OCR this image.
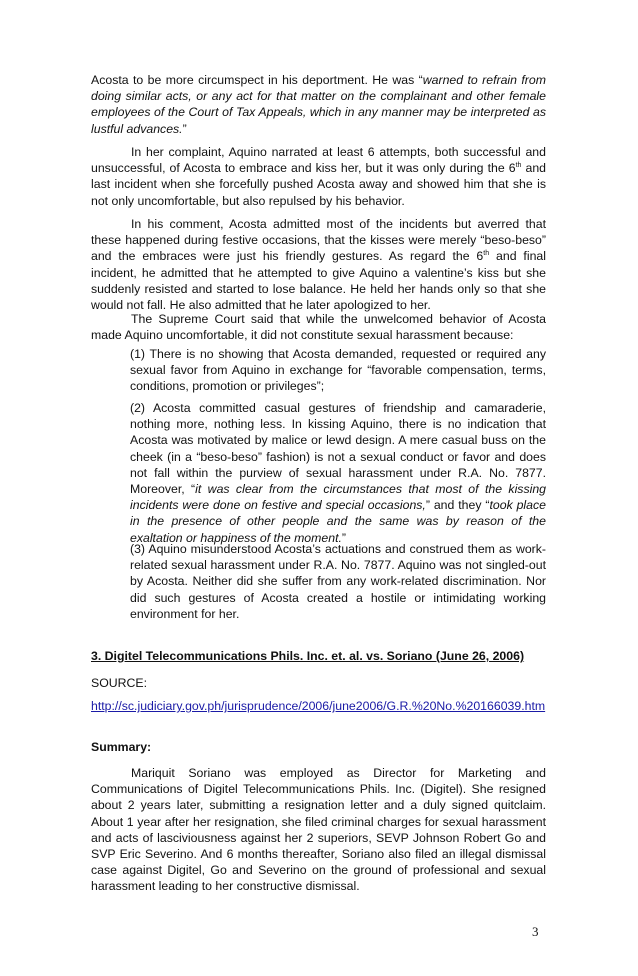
Acosta to be more circumspect in his deportment. He was “warned to refrain from doing similar acts, or any act for that matter on the complainant and other female employees of the Court of Tax Appeals, which in any manner may be interpreted as lustful advances.”

In her complaint, Aquino narrated at least 6 attempts, both successful and unsuccessful, of Acosta to embrace and kiss her, but it was only during the 6th and last incident when she forcefully pushed Acosta away and showed him that she is not only uncomfortable, but also repulsed by his behavior.

In his comment, Acosta admitted most of the incidents but averred that these happened during festive occasions, that the kisses were merely “beso-beso” and the embraces were just his friendly gestures. As regard the 6th and final incident, he admitted that he attempted to give Aquino a valentine’s kiss but she suddenly resisted and started to lose balance. He held her hands only so that she would not fall. He also admitted that he later apologized to her.

The Supreme Court said that while the unwelcomed behavior of Acosta made Aquino uncomfortable, it did not constitute sexual harassment because:

(1) There is no showing that Acosta demanded, requested or required any sexual favor from Aquino in exchange for “favorable compensation, terms, conditions, promotion or privileges”;

(2) Acosta committed casual gestures of friendship and camaraderie, nothing more, nothing less. In kissing Aquino, there is no indication that Acosta was motivated by malice or lewd design. A mere casual buss on the cheek (in a “beso-beso” fashion) is not a sexual conduct or favor and does not fall within the purview of sexual harassment under R.A. No. 7877. Moreover, “it was clear from the circumstances that most of the kissing incidents were done on festive and special occasions,” and they “took place in the presence of other people and the same was by reason of the exaltation or happiness of the moment.”

(3) Aquino misunderstood Acosta’s actuations and construed them as work-related sexual harassment under R.A. No. 7877. Aquino was not singled-out by Acosta. Neither did she suffer from any work-related discrimination. Nor did such gestures of Acosta created a hostile or intimidating working environment for her.

3. Digitel Telecommunications Phils. Inc. et. al. vs. Soriano (June 26, 2006)

SOURCE:

http://sc.judiciary.gov.ph/jurisprudence/2006/june2006/G.R.%20No.%20166039.htm

Summary:

Mariquit Soriano was employed as Director for Marketing and Communications of Digitel Telecommunications Phils. Inc. (Digitel). She resigned about 2 years later, submitting a resignation letter and a duly signed quitclaim. About 1 year after her resignation, she filed criminal charges for sexual harassment and acts of lasciviousness against her 2 superiors, SEVP Johnson Robert Go and SVP Eric Severino. And 6 months thereafter, Soriano also filed an illegal dismissal case against Digitel, Go and Severino on the ground of professional and sexual harassment leading to her constructive dismissal.

3
